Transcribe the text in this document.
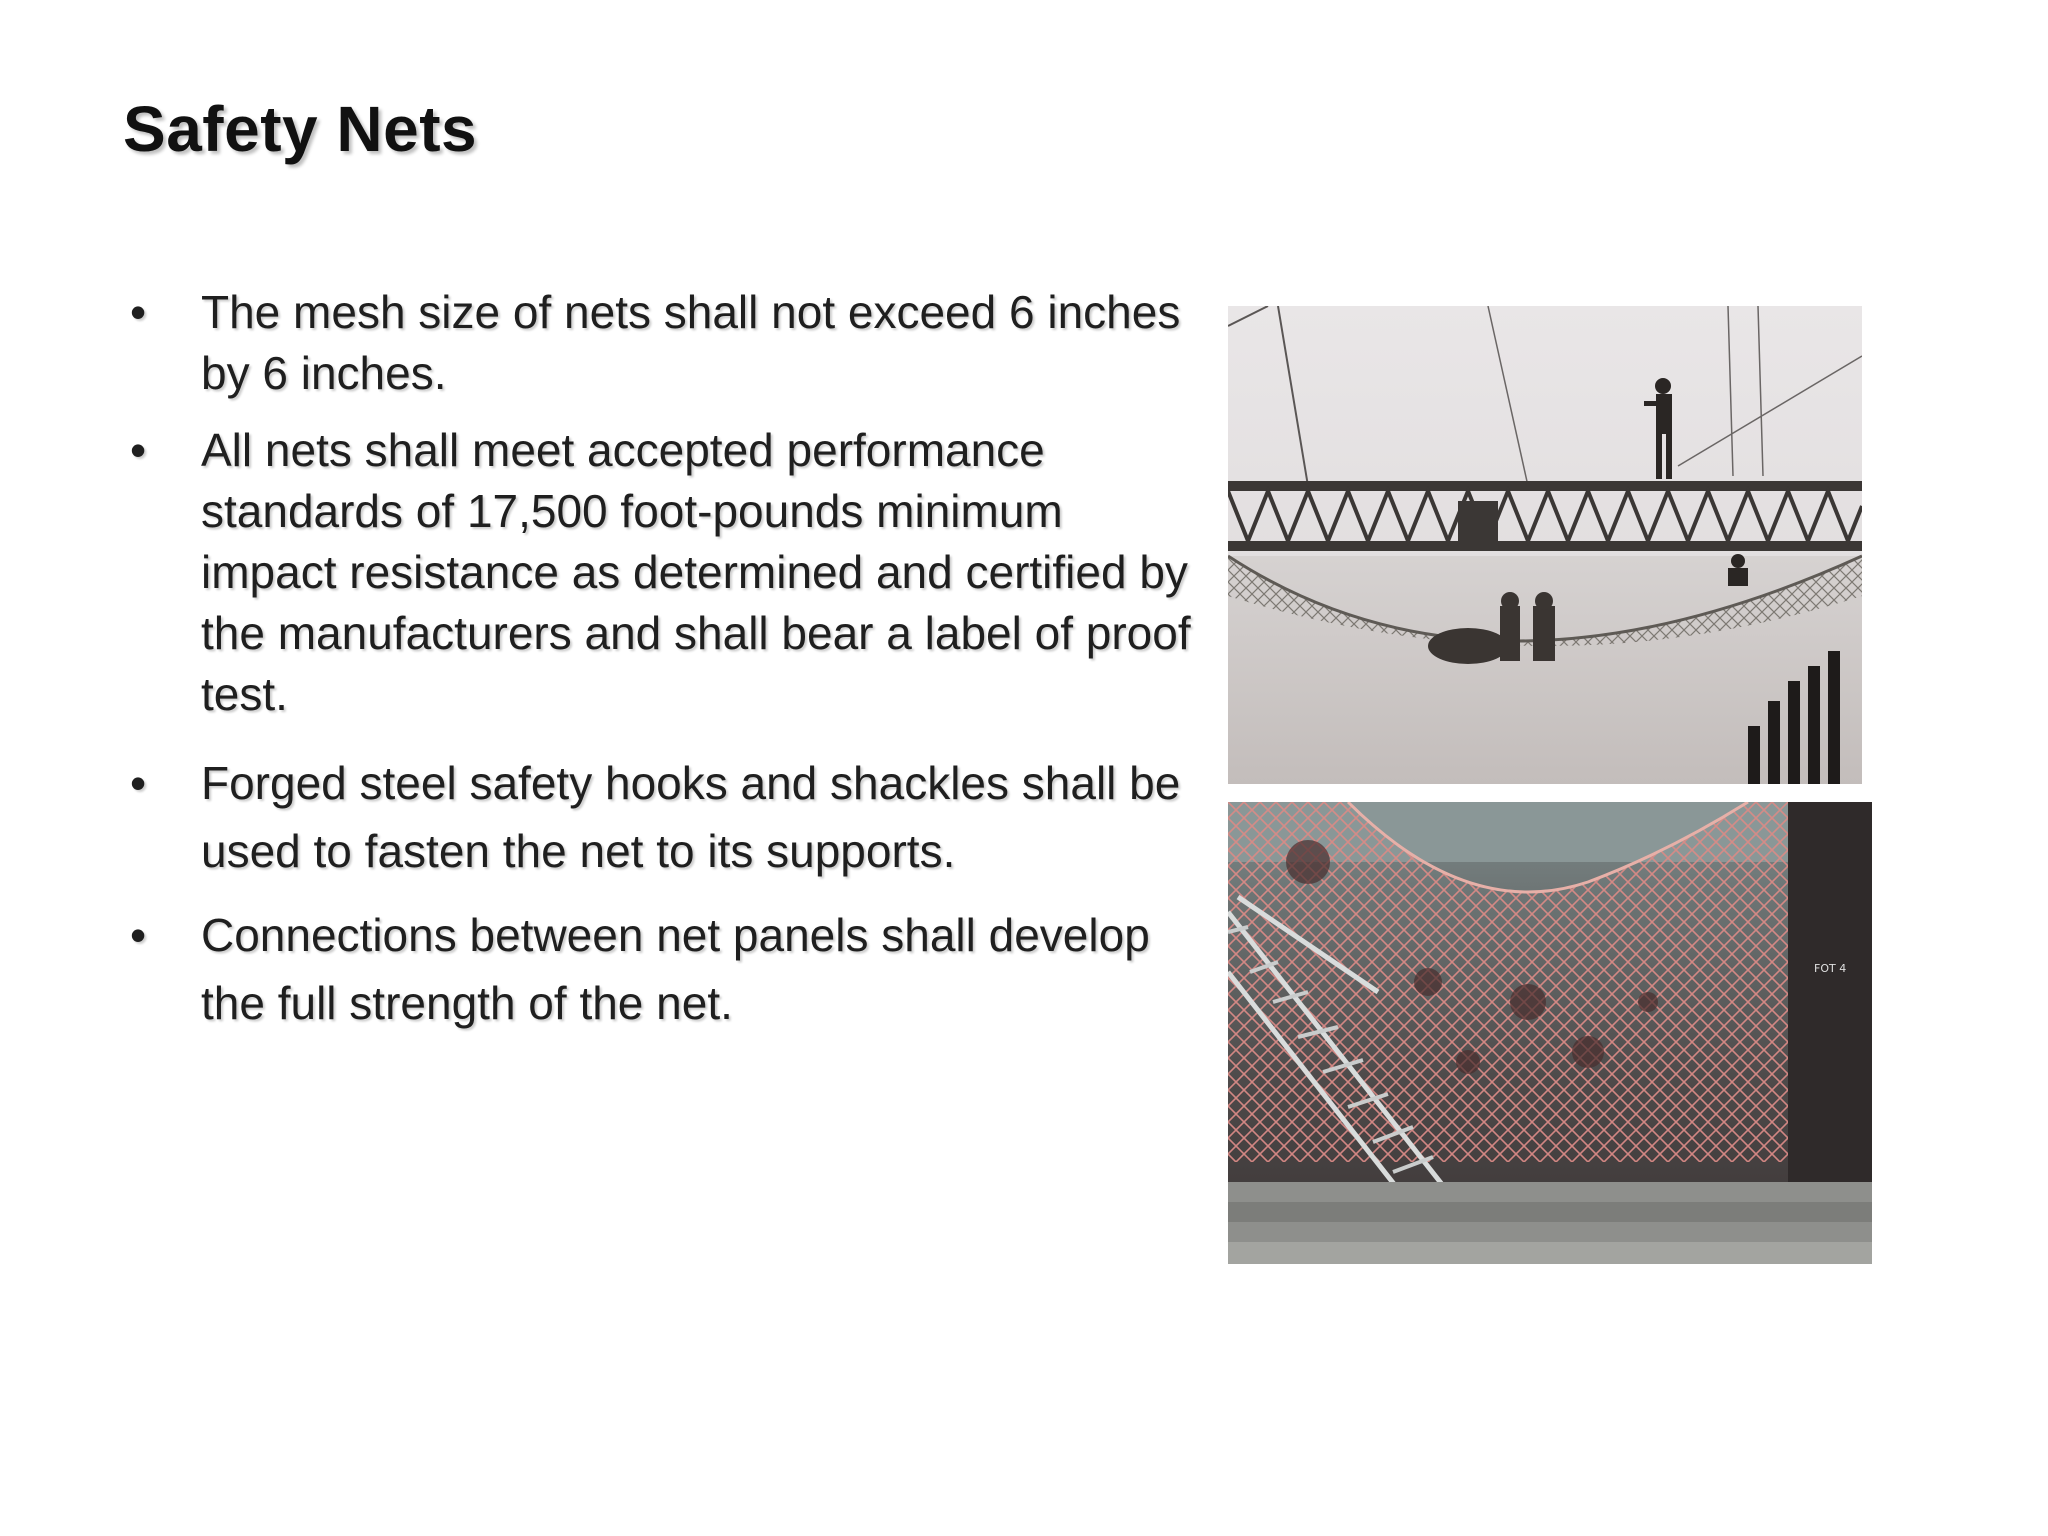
Safety Nets
• The mesh size of nets shall not exceed 6 inches by 6 inches.
• All nets shall meet accepted performance standards of 17,500 foot-pounds minimum impact resistance as determined and certified by the manufacturers and shall bear a label of proof test.
• Forged steel safety hooks and shackles shall be used to fasten the net to its supports.
• Connections between net panels shall develop the full strength of the net.
FOT 4
